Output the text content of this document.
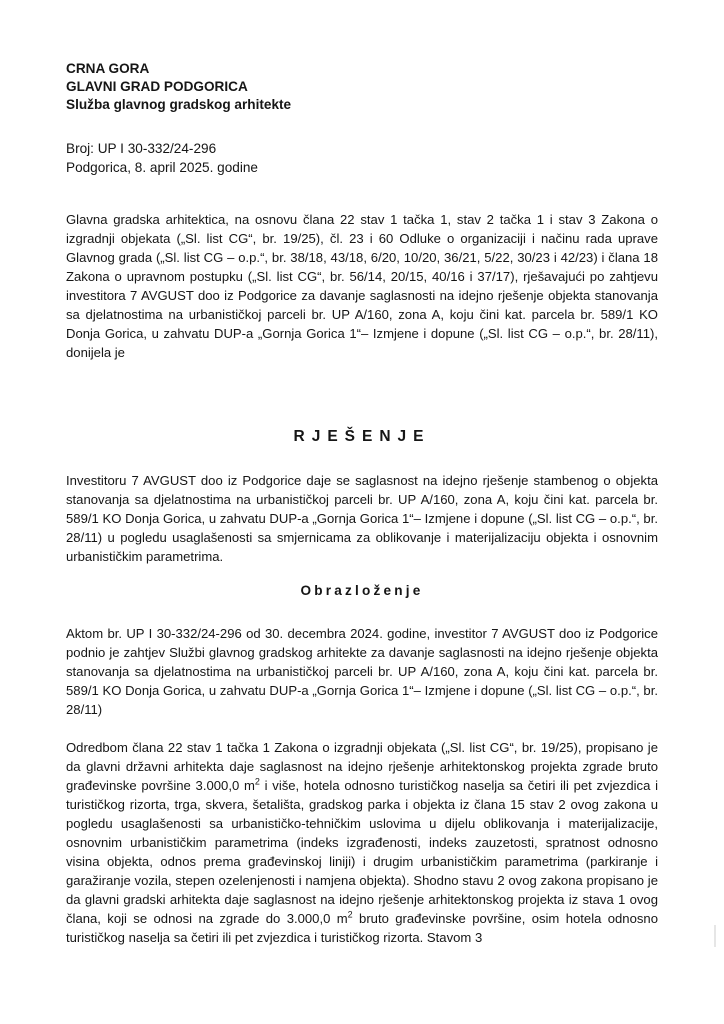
CRNA GORA
GLAVNI GRAD PODGORICA
Služba glavnog gradskog arhitekte
Broj: UP I 30-332/24-296
Podgorica, 8. april 2025. godine

Glavna gradska arhitektica, na osnovu člana 22 stav 1 tačka 1, stav 2 tačka 1 i stav 3 Zakona o izgradnji objekata („Sl. list CG“, br. 19/25), čl. 23 i 60 Odluke o organizaciji i načinu rada uprave Glavnog grada („Sl. list CG – o.p.“, br. 38/18, 43/18, 6/20, 10/20, 36/21, 5/22, 30/23 i 42/23) i člana 18 Zakona o upravnom postupku („Sl. list CG“, br. 56/14, 20/15, 40/16 i 37/17), rješavajući po zahtjevu investitora 7 AVGUST doo iz Podgorice za davanje saglasnosti na idejno rješenje objekta stanovanja sa djelatnostima na urbanističkoj parceli br. UP A/160, zona A, koju čini kat. parcela br. 589/1 KO Donja Gorica, u zahvatu DUP-a „Gornja Gorica 1“– Izmjene i dopune („Sl. list CG – o.p.“, br. 28/11), donijela je

RJEŠENJE

Investitoru 7 AVGUST doo iz Podgorice daje se saglasnost na idejno rješenje stambenog o objekta stanovanja sa djelatnostima na urbanističkoj parceli br. UP A/160, zona A, koju čini kat. parcela br. 589/1 KO Donja Gorica, u zahvatu DUP-a „Gornja Gorica 1“– Izmjene i dopune („Sl. list CG – o.p.“, br. 28/11) u pogledu usaglašenosti sa smjernicama za oblikovanje i materijalizaciju objekta i osnovnim urbanističkim parametrima.

Obrazloženje

Aktom br. UP I 30-332/24-296 od 30. decembra 2024. godine, investitor 7 AVGUST doo iz Podgorice podnio je zahtjev Službi glavnog gradskog arhitekte za davanje saglasnosti na idejno rješenje objekta stanovanja sa djelatnostima na urbanističkoj parceli br. UP A/160, zona A, koju čini kat. parcela br. 589/1 KO Donja Gorica, u zahvatu DUP-a „Gornja Gorica 1“– Izmjene i dopune („Sl. list CG – o.p.“, br. 28/11)

Odredbom člana 22 stav 1 tačka 1 Zakona o izgradnji objekata („Sl. list CG“, br. 19/25), propisano je da glavni državni arhitekta daje saglasnost na idejno rješenje arhitektonskog projekta zgrade bruto građevinske površine 3.000,0 $m^2$ i više, hotela odnosno turističkog naselja sa četiri ili pet zvjezdica i turističkog rizorta, trga, skvera, šetališta, gradskog parka i objekta iz člana 15 stav 2 ovog zakona u pogledu usaglašenosti sa urbanističko-tehničkim uslovima u dijelu oblikovanja i materijalizacije, osnovnim urbanističkim parametrima (indeks izgrađenosti, indeks zauzetosti, spratnost odnosno visina objekta, odnos prema građevinskoj liniji) i drugim urbanističkim parametrima (parkiranje i garažiranje vozila, stepen ozelenjenosti i namjena objekta). Shodno stavu 2 ovog zakona propisano je da glavni gradski arhitekta daje saglasnost na idejno rješenje arhitektonskog projekta iz stava 1 ovog člana, koji se odnosi na zgrade do 3.000,0 $m^2$ bruto građevinske površine, osim hotela odnosno turističkog naselja sa četiri ili pet zvjezdica i turističkog rizorta. Stavom 3
